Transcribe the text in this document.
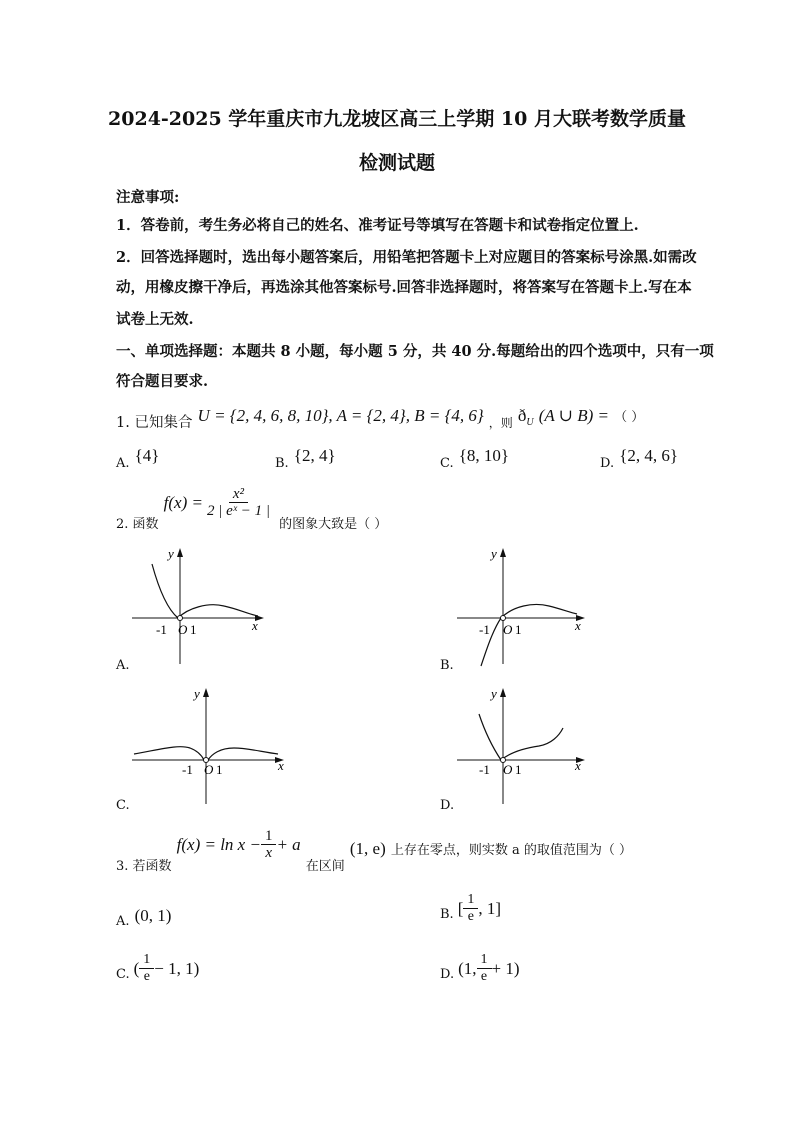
2024-2025 学年重庆市九龙坡区高三上学期 10 月大联考数学质量
检测试题
注意事项:
1．答卷前，考生务必将自己的姓名、准考证号等填写在答题卡和试卷指定位置上.
2．回答选择题时，选出每小题答案后，用铅笔把答题卡上对应题目的答案标号涂黑.如需改
动，用橡皮擦干净后，再选涂其他答案标号.回答非选择题时，将答案写在答题卡上.写在本
试卷上无效.
一、单项选择题：本题共 8 小题，每小题 5 分，共 40 分.每题给出的四个选项中，只有一项
符合题目要求.
1. 已知集合 U = {2, 4, 6, 8, 10}, A = {2, 4}, B = {4, 6} $_{,则}$ $ð_U$ (A ∪ B) = （ ）
$_{A.}$ {4}	$_{B.}$ {2, 4}	$_{C.}$ {8, 10}	$_{D.}$ {2, 4, 6}
$_{2. 函数}$
$f(x) = \frac{\text{x²}}{\text{2 | eˣ − 1 |}}$
$_{的图象大致是( )}$
y
x
-1 O 1
A.
y
x
-1 O 1
B.
y
x
-1 O 1
C.
y
x
-1 O 1
D.
$_{3. 若函数}$
$f(x) = \ln x - \frac{1}{x} + a$
$_{在区间}$ (1, e) 上存在零点，则实数 a 的取值范围为（ ）
$_{A.}$ (0, 1)	B. [ $\frac{1}{e}$ , 1]
C. ( $\frac{1}{e} - 1$, 1)	D. (1, $\frac{1}{e} + 1$)
